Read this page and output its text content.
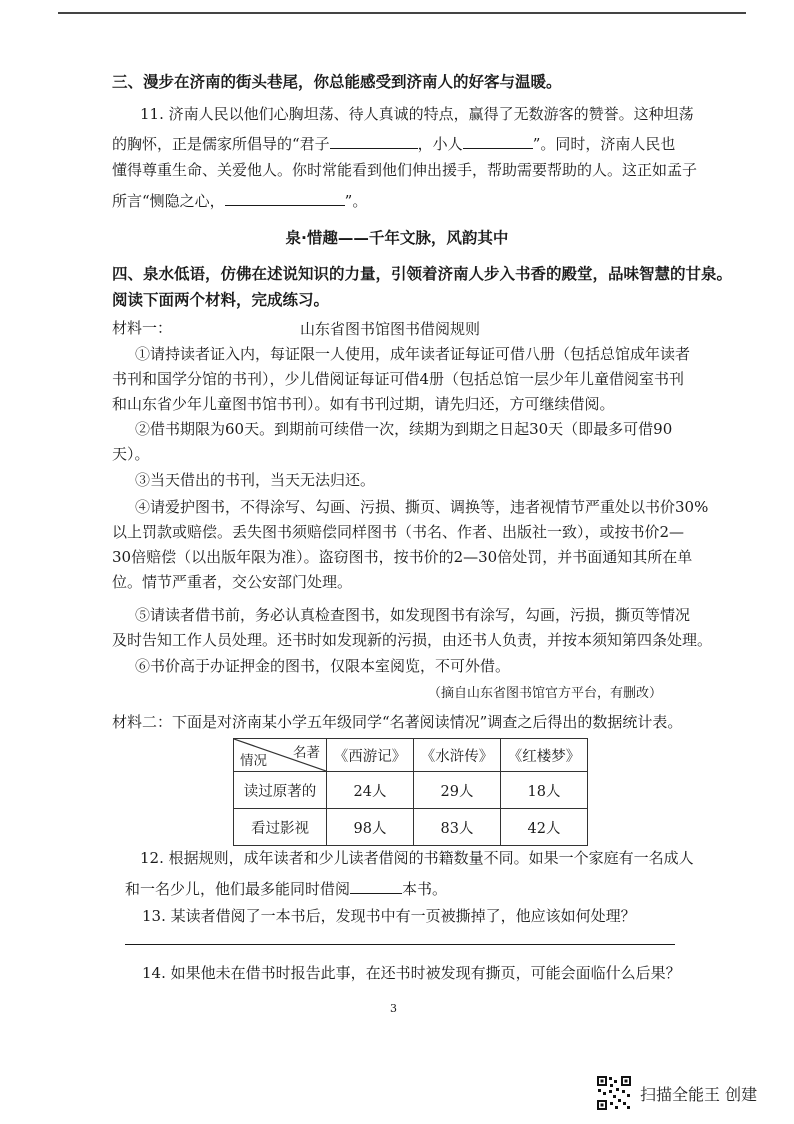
三、漫步在济南的街头巷尾，你总能感受到济南人的好客与温暖。
11. 济南人民以他们心胸坦荡、待人真诚的特点，赢得了无数游客的赞誉。这种坦荡
的胸怀，正是儒家所倡导的“君子	，小人	”。同时，济南人民也
懂得尊重生命、关爱他人。你时常能看到他们伸出援手，帮助需要帮助的人。这正如孟子
所言“恻隐之心，	”。
泉·惜趣——千年文脉，风韵其中
四、泉水低语，仿佛在述说知识的力量，引领着济南人步入书香的殿堂，品味智慧的甘泉。
阅读下面两个材料，完成练习。
材料一：	山东省图书馆图书借阅规则
①请持读者证入内，每证限一人使用，成年读者证每证可借八册（包括总馆成年读者
书刊和国学分馆的书刊），少儿借阅证每证可借4册（包括总馆一层少年儿童借阅室书刊
和山东省少年儿童图书馆书刊）。如有书刊过期，请先归还，方可继续借阅。
②借书期限为60天。到期前可续借一次，续期为到期之日起30天（即最多可借90
天）。
③当天借出的书刊，当天无法归还。
④请爱护图书，不得涂写、勾画、污损、撕页、调换等，违者视情节严重处以书价30%
以上罚款或赔偿。丢失图书须赔偿同样图书（书名、作者、出版社一致），或按书价2—
30倍赔偿（以出版年限为准）。盗窃图书，按书价的2—30倍处罚，并书面通知其所在单
位。情节严重者，交公安部门处理。
⑤请读者借书前，务必认真检查图书，如发现图书有涂写，勾画，污损，撕页等情况
及时告知工作人员处理。还书时如发现新的污损，由还书人负责，并按本须知第四条处理。
⑥书价高于办证押金的图书，仅限本室阅览，不可外借。
（摘自山东省图书馆官方平台，有删改）
材料二：下面是对济南某小学五年级同学“名著阅读情况”调查之后得出的数据统计表。
名著
情况	《西游记》	《水浒传》	《红楼梦》
读过原著的	24人	29人	18人
看过影视	98人	83人	42人
12. 根据规则，成年读者和少儿读者借阅的书籍数量不同。如果一个家庭有一名成人
和一名少儿，他们最多能同时借阅	本书。
13. 某读者借阅了一本书后，发现书中有一页被撕掉了，他应该如何处理？
14. 如果他未在借书时报告此事，在还书时被发现有撕页，可能会面临什么后果？
3
扫描全能王 创建
